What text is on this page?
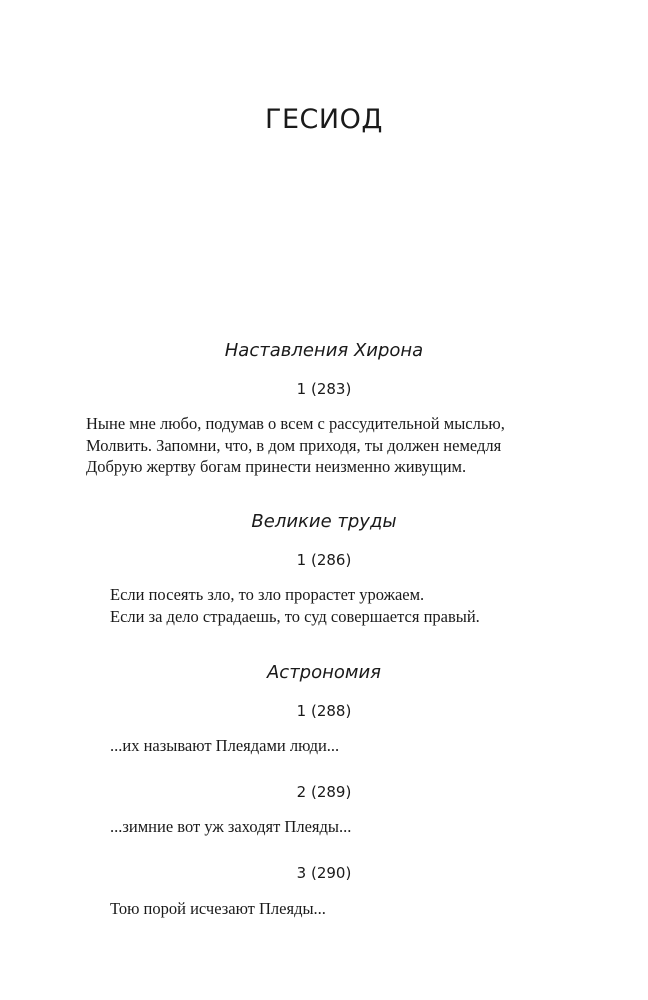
ГЕСИОД
Наставления Хирона
1 (283)
Ныне мне любо, подумав о всем с рассудительной мыслью,
Молвить. Запомни, что, в дом приходя, ты должен немедля
Добрую жертву богам принести неизменно живущим.
Великие труды
1 (286)
Если посеять зло, то зло прорастет урожаем.
Если за дело страдаешь, то суд совершается правый.
Астрономия
1 (288)
...их называют Плеядами люди...
2 (289)
...зимние вот уж заходят Плеяды...
3 (290)
Тою порой исчезают Плеяды...
